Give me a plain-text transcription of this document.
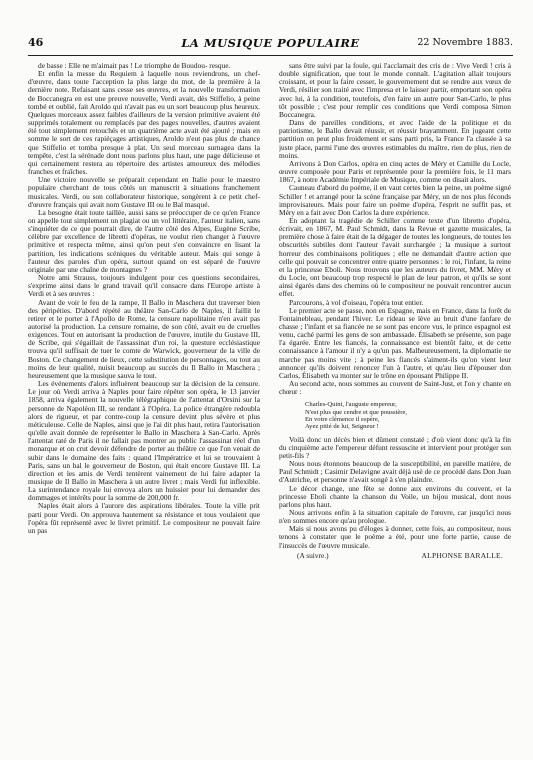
46	LA MUSIQUE POPULAIRE	22 Novembre 1883.

de basse : Elle ne m'aimait pas ! Le triomphe de Boudou- resque.

Et enfin la messe du Requiem à laquelle nous reviendrons, un chef-d'œuvre, dans toute l'acception la plus large du mot, de la première à la dernière note. Refaisant sans cesse ses œuvres, et la nouvelle transformation de Boccanegra en est une preuve nouvelle, Verdi avait, dès Stiffelio, à peine tombé et oublié, fait Aroldo qui n'avait pas eu un sort beaucoup plus heureux. Quelques morceaux assez faibles d'ailleurs de la version primitive avaient été supprimés totalement ou remplacés par des pages nouvelles, d'autres avaient été tout simplement retouchés et un quatrième acte avait été ajouté ; mais en somme le sort de ces rapiéçages artistiques, Aroldo n'eut pas plus de chance que Stiffelio et tomba presque à plat. Un seul morceau surnagea dans la tempête, c'est la sérénade dont nous parlons plus haut, une page délicieuse et qui certainement restera au répertoire des artistes amoureux des mélodies franches et fraîches.

Une victoire nouvelle se préparait cependant en Italie pour le maestro populaire cherchant de tous côtés un manuscrit à situations franchement musicales. Verdi, ou son collaborateur historique, songèrent à ce petit chef-d'œuvre français qui avait nom Gustave III ou le Bal masqué.

La besogne était toute taillée, aussi sans se préoccuper de ce qu'en France on appelle tout simplement un plagiat ou un vol littéraire, l'auteur italien, sans s'inquiéter de ce que pourrait dire, de l'autre côté des Alpes, Eugène Scribe, célèbre par excellence de libretti d'opéras, ne voulut rien changer à l'œuvre primitive et respecta même, ainsi qu'on peut s'en convaincre en lisant la partition, les indications scéniques du véritable auteur. Mais qui songe à l'auteur des paroles d'un opéra, surtout quand on est séparé de l'œuvre originale par une chaîne de montagnes ?

Notre ami Strauss, toujours indulgent pour ces questions secondaires, s'exprime ainsi dans le grand travail qu'il consacre dans l'Europe artiste à Verdi et à ses œuvres :

Avant de voir le feu de la rampe, Il Ballo in Maschera dut traverser bien des péripéties. D'abord répété au théâtre San-Carlo de Naples, il faillit le retirer et le porter à l'Apollo de Rome, la censure napolitaine n'en avait pas autorisé la production. La censure romaine, de son côté, avait eu de cruelles exigences. Tout en autorisant la production de l'œuvre, inutile du Gustave III, de Scribe, qui s'égaillait de l'assassinat d'un roi, la questure ecclésiastique trouva qu'il suffisait de tuer le comte de Warwick, gouverneur de la ville de Boston. Ce changement de lieux, cette substitution de personnages, ou tout au moins de leur qualité, nuisit beaucoup au succès du Il Ballo in Maschera ; heureusement que la musique sauva le tout.

Les événements d'alors influèrent beaucoup sur la décision de la censure. Le jour où Verdi arriva à Naples pour faire répéter son opéra, le 13 janvier 1858, arriva également la nouvelle télégraphique de l'attentat d'Orsini sur la personne de Napoléon III, se rendant à l'Opéra. La police étrangère redoubla alors de rigueur, et par contre-coup la censure devint plus sévère et plus méticuleuse. Celle de Naples, ainsi que je l'ai dit plus haut, retira l'autorisation qu'elle avait donnée de représenter le Ballo in Maschera à San-Carlo. Après l'attentat raté de Paris il ne fallait pas montrer au public l'assassinat réel d'un monarque et on crut devoir défendre de porter au théâtre ce que l'on venait de subir dans le domaine des faits : quand l'Impératrice et lui se trouvaient à Paris, sans un bal le gouverneur de Boston, qui était encore Gustave III. La direction et les amis de Verdi tentèrent vainement de lui faire adapter la musique de Il Ballo in Maschera à un autre livret ; mais Verdi fut inflexible. La surintendance royale lui envoya alors un huissier pour lui demander des dommages et intérêts pour la somme de 200,000 fr.

Naples était alors à l'aurore des aspirations libérales. Toute la ville prit parti pour Verdi. On approuva hautement sa résistance et tous voulaient que l'opéra fût représenté avec le livret primitif. Le compositeur ne pouvait faire un pas

sans être suivi par la foule, qui l'acclamait des cris de : Vive Verdi ! cris à double signification, que tout le monde connaît. L'agitation allait toujours croissant, et pour la faire cesser, le gouvernement dut se rendre aux vœux de Verdi, résilier son traité avec l'impresa et le laisser partir, emportant son opéra avec lui, à la condition, toutefois, d'en faire un autre pour San-Carlo, le plus tôt possible ; c'est pour remplir ces conditions que Verdi composa Simon Boccanegra.

Dans de pareilles conditions, et avec l'aide de la politique et du patriotisme, le Ballo devait réussir, et réussir brayamment. En jugeant cette partition on peut plus froidement et sans parti pris, la France l'a classée à sa juste place, parmi l'une des œuvres estimables du maître, rien de plus, rien de moins.

Arrivons à Don Carlos, opéra en cinq actes de Méry et Camille du Locle, œuvre composée pour Paris et représentée pour la première fois, le 11 mars 1867, à notre Académie Impériale de Musique, comme on disait alors.

Cauneau d'abord du poème, il en vaut certes bien la peine, un poème signé Schiller ! et arrangé pour la scène française par Méry, un de nos plus féconds improvisateurs. Mais pour faire un poème d'opéra, l'esprit ne suffit pas, et Méry en a fait avec Don Carlos la dure expérience.

En adoptant la tragédie de Schiller comme texte d'un libretto d'opéra, écrivait, en 1867, M. Paul Schmidt, dans la Revue et gazette musicales, la première chose à faire était de la dégager de toutes les longueurs, de toutes les obscurités subtiles dont l'auteur l'avait surchargée ; la musique a surtout horreur des combinaisons politiques ; elle ne demandait d'autre action que celle qui pouvait se concentrer entre quatre personnes : le roi, l'infant, la reine et la princesse Eboli. Nous trouvons que les auteurs du livret, MM. Méry et du Locle, ont beaucoup trop respecté le plan de leur patron, et qu'ils se sont ainsi égarés dans des chemins où le compositeur ne pouvait rencontrer aucun effet.

Parcourons, à vol d'oiseau, l'opéra tout entier.

Le premier acte se passe, non en Espagne, mais en France, dans la forêt de Fontainebleau, pendant l'hiver. Le rideau se lève au bruit d'une fanfare de chasse ; l'infant et sa fiancée ne se sont pas encore vus, le prince espagnol est venu, caché parmi les gens de son ambassade. Élisabeth se présente, son page l'a égarée. Entre les fiancés, la connaissance est bientôt faite, et de cette connaissance à l'amour il n'y a qu'un pas. Malheureusement, la diplomatie ne marche pas moins vite ; à peine les fiancés s'aiment-ils qu'on vient leur annoncer qu'ils doivent renoncer l'un à l'autre, et qu'au lieu d'épouser don Carlos, Élisabeth va monter sur le trône en épousant Philippe II.

Au second acte, nous sommes au couvent de Saint-Just, et l'on y chante en chœur :

Charles-Quint, l'auguste empereur,
N'est plus que cendre et que poussière,
En votre clémence il espère,
Ayez pitié de lui, Seigneur !

Voilà donc un décès bien et dûment constaté ; d'où vient donc qu'à la fin du cinquième acte l'empereur défunt ressuscite et intervient pour protéger son petit-fils ?

Nous nous étonnons beaucoup de la susceptibilité, en pareille matière, de Paul Schmidt ; Casimir Delavigne avait déjà usé de ce procédé dans Don Juan d'Autriche, et personne n'avait songé à s'en plaindre.

Le décor change, une fête se donne aux environs du couvent, et la princesse Eboli chante la chanson du Voile, un bijou musical, dont nous parlons plus haut.

Nous arrivons enfin à la situation capitale de l'œuvre, car jusqu'ici nous n'en sommes encore qu'au prologue.

Mais si nous avons pu d'éloges à donner, cette fois, au compositeur, nous tenons à constater que le poème a été, pour une forte partie, cause de l'insuccès de l'œuvre musicale.

(A suivre.)	ALPHONSE BARALLE.
